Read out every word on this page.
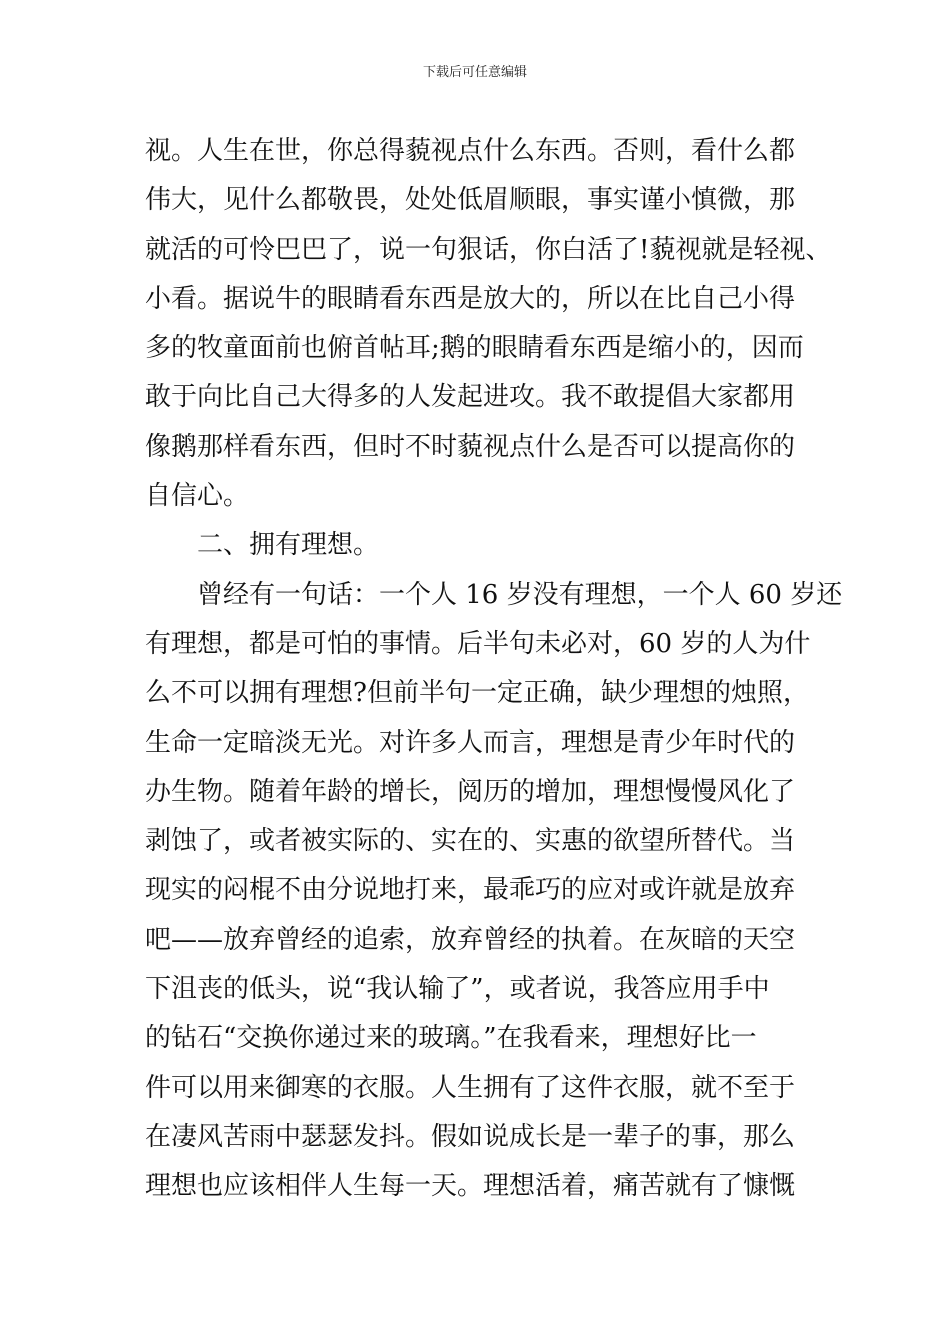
下载后可任意编辑
视。人生在世，你总得藐视点什么东西。否则，看什么都
伟大，见什么都敬畏，处处低眉顺眼，事实谨小慎微，那
就活的可怜巴巴了，说一句狠话，你白活了!藐视就是轻视、
小看。据说牛的眼睛看东西是放大的，所以在比自己小得
多的牧童面前也俯首帖耳;鹅的眼睛看东西是缩小的，因而
敢于向比自己大得多的人发起进攻。我不敢提倡大家都用
像鹅那样看东西，但时不时藐视点什么是否可以提高你的
自信心。
二、拥有理想。
曾经有一句话：一个人 16 岁没有理想，一个人 60 岁还
有理想，都是可怕的事情。后半句未必对，60 岁的人为什
么不可以拥有理想?但前半句一定正确，缺少理想的烛照，
生命一定暗淡无光。对许多人而言，理想是青少年时代的
办生物。随着年龄的增长，阅历的增加，理想慢慢风化了
剥蚀了，或者被实际的、实在的、实惠的欲望所替代。当
现实的闷棍不由分说地打来，最乖巧的应对或许就是放弃
吧——放弃曾经的追索，放弃曾经的执着。在灰暗的天空
下沮丧的低头，说“我认输了”，或者说，我答应用手中
的钻石“交换你递过来的玻璃。”在我看来，理想好比一
件可以用来御寒的衣服。人生拥有了这件衣服，就不至于
在凄风苦雨中瑟瑟发抖。假如说成长是一辈子的事，那么
理想也应该相伴人生每一天。理想活着，痛苦就有了慷慨
